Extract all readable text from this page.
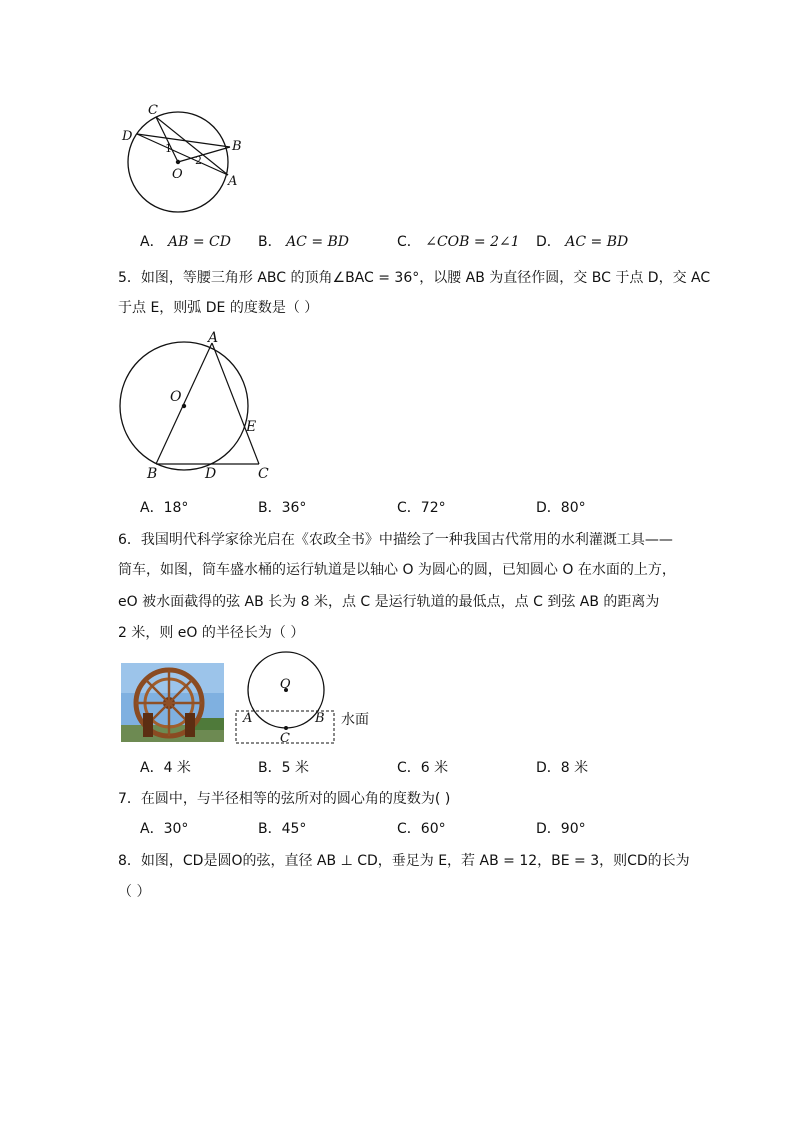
C
D
B
O	A
1
2
A． AB = CD B． AC = BD	C． ∠COB = 2∠1 D． AC = BD
5．如图，等腰三角形 ABC 的顶角∠BAC = 36°，以腰 AB 为直径作圆，交 BC 于点 D，交 AC
于点 E，则弧 DE 的度数是（ ）
A
O
E
B	D	C
A．18°	B．36°	C．72°	D．80°
6．我国明代科学家徐光启在《农政全书》中描绘了一种我国古代常用的水利灌溉工具——
筒车，如图，筒车盛水桶的运行轨道是以轴心 O 为圆心的圆，已知圆心 O 在水面的上方，
eO 被水面截得的弦 AB 长为 8 米，点 C 是运行轨道的最低点，点 C 到弦 AB 的距离为
2 米，则 eO 的半径长为（ ）
O
A	B
C
水面
A．4 米	B．5 米	C．6 米	D．8 米
7．在圆中，与半径相等的弦所对的圆心角的度数为( )
A．30°	B．45°	C．60°	D．90°
8．如图，CD是圆O的弦，直径 AB ⊥ CD，垂足为 E，若 AB = 12，BE = 3，则CD的长为
（ ）
